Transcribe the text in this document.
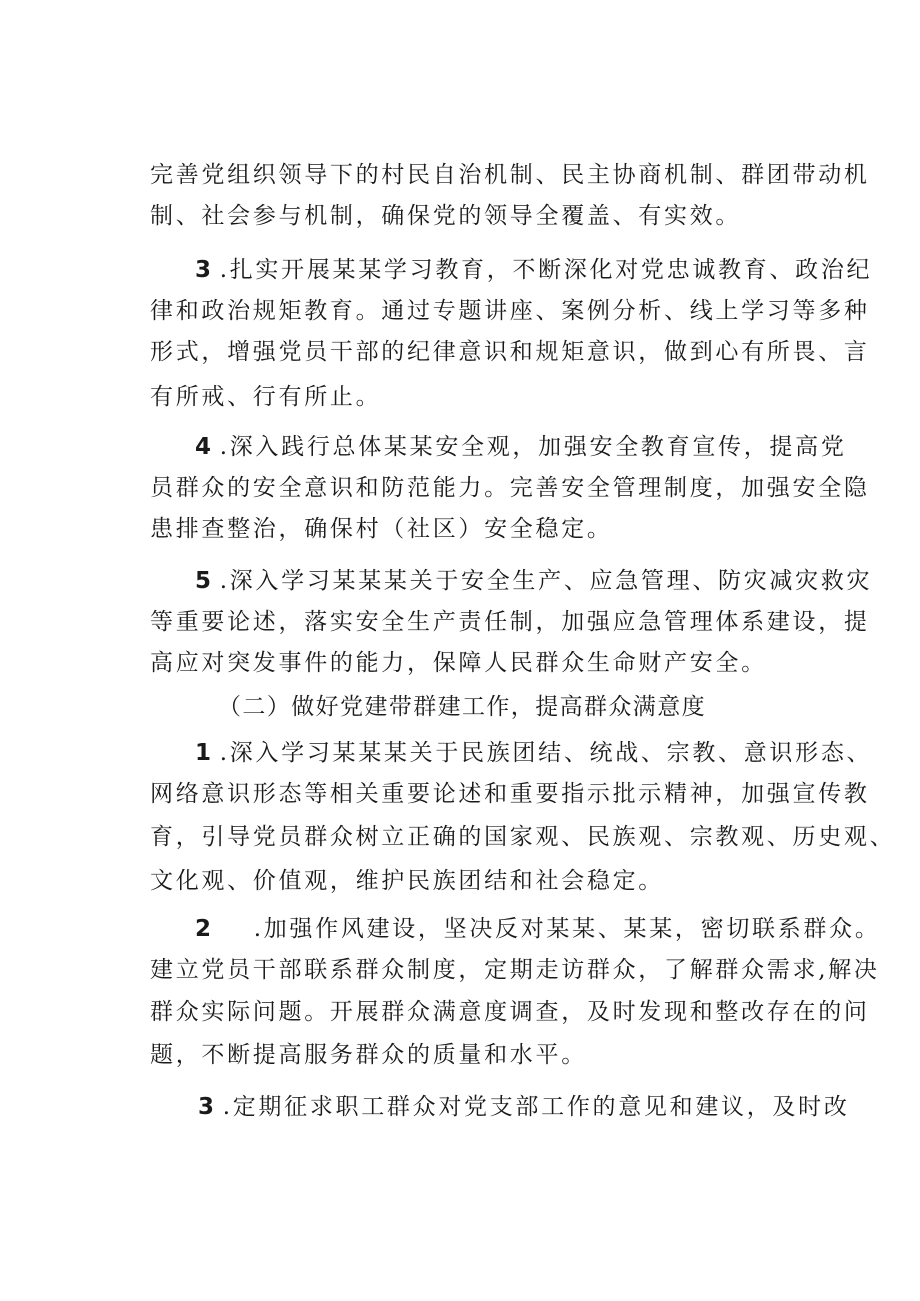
完善党组织领导下的村民自治机制、民主协商机制、群团带动机
制、社会参与机制，确保党的领导全覆盖、有实效。
3 .扎实开展某某学习教育，不断深化对党忠诚教育、政治纪
律和政治规矩教育。通过专题讲座、案例分析、线上学习等多种
形式，增强党员干部的纪律意识和规矩意识，做到心有所畏、言
有所戒、行有所止。
4 .深入践行总体某某安全观，加强安全教育宣传，提高党
员群众的安全意识和防范能力。完善安全管理制度，加强安全隐
患排查整治，确保村（社区）安全稳定。
5 .深入学习某某某关于安全生产、应急管理、防灾减灾救灾
等重要论述，落实安全生产责任制，加强应急管理体系建设，提
高应对突发事件的能力，保障人民群众生命财产安全。
（二）做好党建带群建工作，提高群众满意度
1 .深入学习某某某关于民族团结、统战、宗教、意识形态、
网络意识形态等相关重要论述和重要指示批示精神，加强宣传教
育，引导党员群众树立正确的国家观、民族观、宗教观、历史观、
文化观、价值观，维护民族团结和社会稳定。
2 .加强作风建设，坚决反对某某、某某，密切联系群众。
建立党员干部联系群众制度，定期走访群众，了解群众需求,解决
群众实际问题。开展群众满意度调查，及时发现和整改存在的问
题，不断提高服务群众的质量和水平。
3 .定期征求职工群众对党支部工作的意见和建议，及时改
